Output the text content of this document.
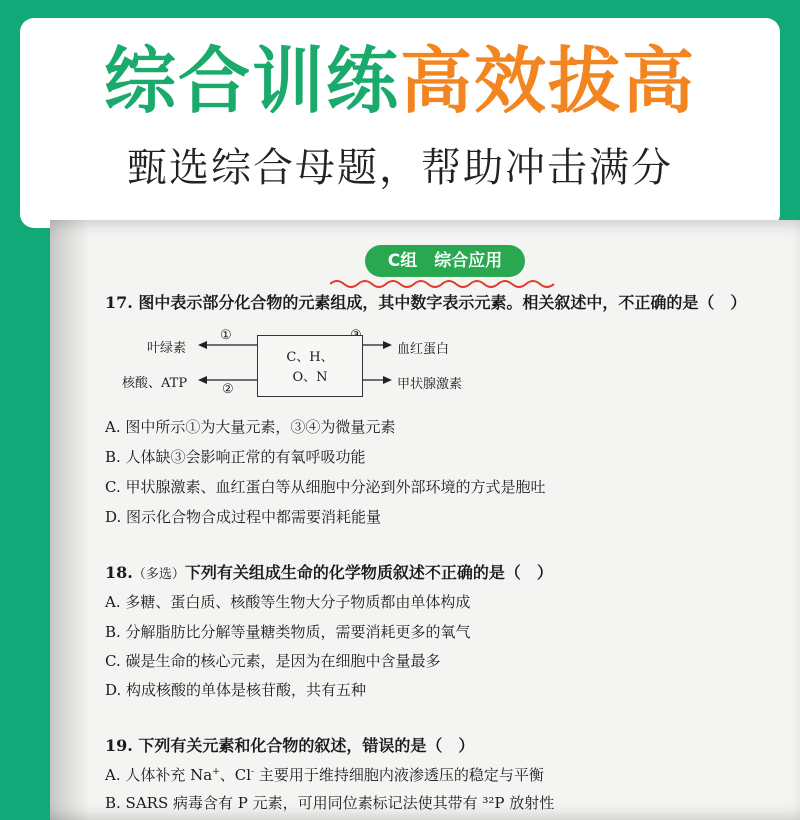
综合训练高效拔高
甄选综合母题，帮助冲击满分
C组　综合应用
17. 图中表示部分化合物的元素组成，其中数字表示元素。相关叙述中，不正确的是（　）
叶绿素
核酸、ATP
血红蛋白
甲状腺激素
①
②
C、H、
O、N
A. 图中所示①为大量元素，③④为微量元素
B. 人体缺③会影响正常的有氧呼吸功能
C. 甲状腺激素、血红蛋白等从细胞中分泌到外部环境的方式是胞吐
D. 图示化合物合成过程中都需要消耗能量
18.（多选）下列有关组成生命的化学物质叙述不正确的是（　）
A. 多糖、蛋白质、核酸等生物大分子物质都由单体构成
B. 分解脂肪比分解等量糖类物质，需要消耗更多的氧气
C. 碳是生命的核心元素，是因为在细胞中含量最多
D. 构成核酸的单体是核苷酸，共有五种
19. 下列有关元素和化合物的叙述，错误的是（　）
A. 人体补充 Na+、Cl- 主要用于维持细胞内液渗透压的稳定与平衡
B. SARS 病毒含有 P 元素，可用同位素标记法使其带有 ³²P 放射性
